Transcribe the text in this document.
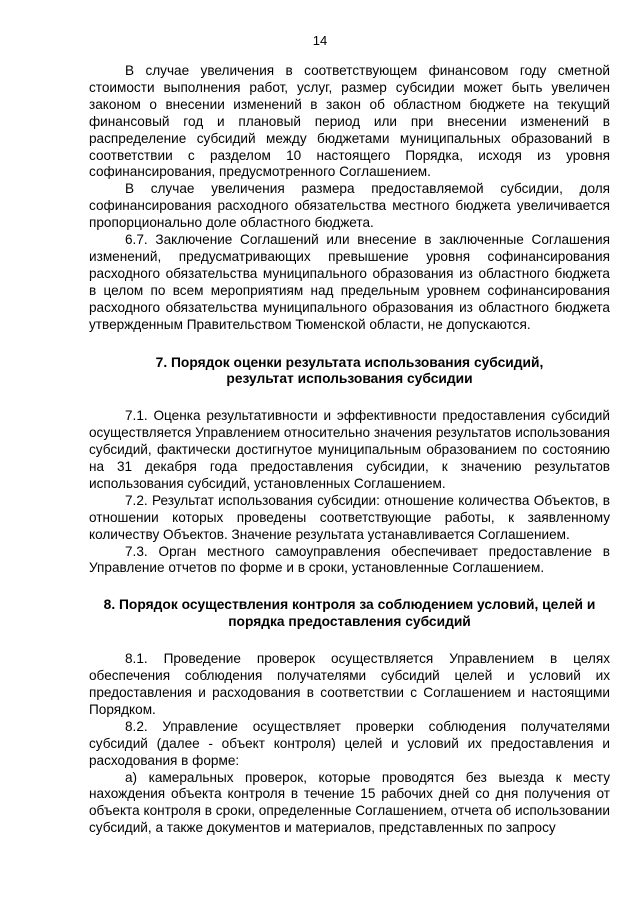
14

В случае увеличения в соответствующем финансовом году сметной стоимости выполнения работ, услуг, размер субсидии может быть увеличен законом о внесении изменений в закон об областном бюджете на текущий финансовый год и плановый период или при внесении изменений в распределение субсидий между бюджетами муниципальных образований в соответствии с разделом 10 настоящего Порядка, исходя из уровня софинансирования, предусмотренного Соглашением.

В случае увеличения размера предоставляемой субсидии, доля софинансирования расходного обязательства местного бюджета увеличивается пропорционально доле областного бюджета.

6.7. Заключение Соглашений или внесение в заключенные Соглашения изменений, предусматривающих превышение уровня софинансирования расходного обязательства муниципального образования из областного бюджета в целом по всем мероприятиям над предельным уровнем софинансирования расходного обязательства муниципального образования из областного бюджета утвержденным Правительством Тюменской области, не допускаются.

7. Порядок оценки результата использования субсидий,
результат использования субсидии

7.1. Оценка результативности и эффективности предоставления субсидий осуществляется Управлением относительно значения результатов использования субсидий, фактически достигнутое муниципальным образованием по состоянию на 31 декабря года предоставления субсидии, к значению результатов использования субсидий, установленных Соглашением.

7.2. Результат использования субсидии: отношение количества Объектов, в отношении которых проведены соответствующие работы, к заявленному количеству Объектов. Значение результата устанавливается Соглашением.

7.3. Орган местного самоуправления обеспечивает предоставление в Управление отчетов по форме и в сроки, установленные Соглашением.

8. Порядок осуществления контроля за соблюдением условий, целей и
порядка предоставления субсидий

8.1. Проведение проверок осуществляется Управлением в целях обеспечения соблюдения получателями субсидий целей и условий их предоставления и расходования в соответствии с Соглашением и настоящими Порядком.

8.2. Управление осуществляет проверки соблюдения получателями субсидий (далее - объект контроля) целей и условий их предоставления и расходования в форме:

а) камеральных проверок, которые проводятся без выезда к месту нахождения объекта контроля в течение 15 рабочих дней со дня получения от объекта контроля в сроки, определенные Соглашением, отчета об использовании субсидий, а также документов и материалов, представленных по запросу
